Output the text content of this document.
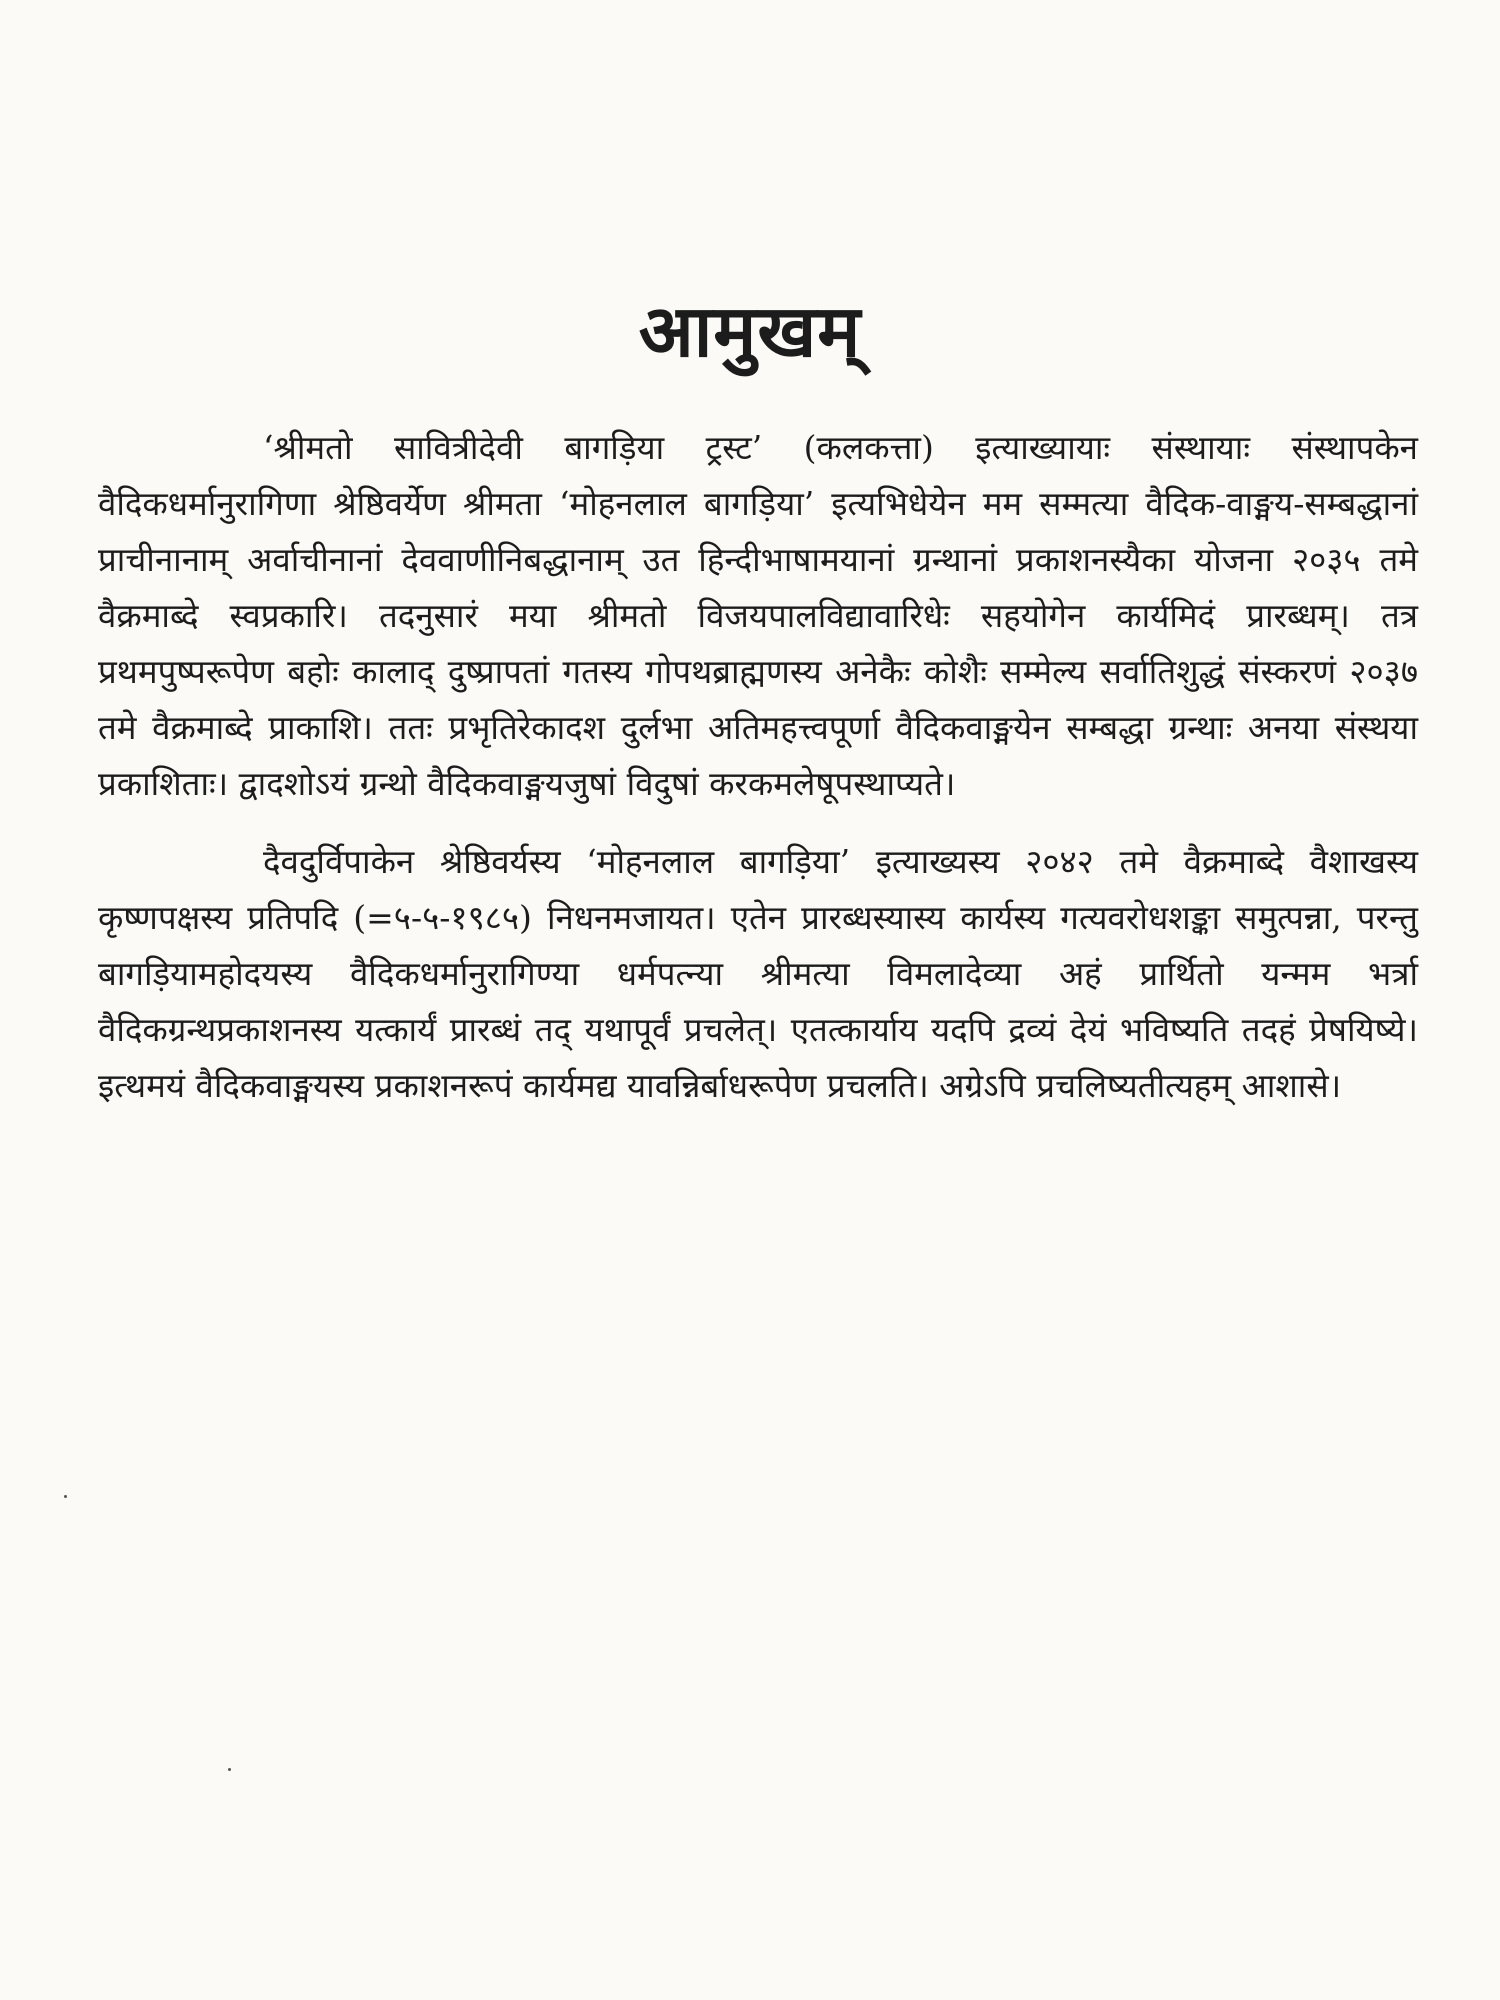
आमुखम्

‘श्रीमतो सावित्रीदेवी बागड़िया ट्रस्ट’ (कलकत्ता) इत्याख्यायाः संस्थायाः संस्थापकेन वैदिकधर्मानुरागिणा श्रेष्ठिवर्येण श्रीमता ‘मोहनलाल बागड़िया’ इत्यभिधेयेन मम सम्मत्या वैदिक-वाङ्मय-सम्बद्धानां प्राचीनानाम् अर्वाचीनानां देववाणीनिबद्धानाम् उत हिन्दीभाषामयानां ग्रन्थानां प्रकाशनस्यैका योजना २०३५ तमे वैक्रमाब्दे स्वप्रकारि। तदनुसारं मया श्रीमतो विजयपालविद्यावारिधेः सहयोगेन कार्यमिदं प्रारब्धम्। तत्र प्रथमपुष्परूपेण बहोः कालाद् दुष्प्रापतां गतस्य गोपथब्राह्मणस्य अनेकैः कोशैः सम्मेल्य सर्वातिशुद्धं संस्करणं २०३७ तमे वैक्रमाब्दे प्राकाशि। ततः प्रभृतिरेकादश दुर्लभा अतिमहत्त्वपूर्णा वैदिकवाङ्मयेन सम्बद्धा ग्रन्थाः अनया संस्थया प्रकाशिताः। द्वादशोऽयं ग्रन्थो वैदिकवाङ्मयजुषां विदुषां करकमलेषूपस्थाप्यते।

दैवदुर्विपाकेन श्रेष्ठिवर्यस्य ‘मोहनलाल बागड़िया’ इत्याख्यस्य २०४२ तमे वैक्रमाब्दे वैशाखस्य कृष्णपक्षस्य प्रतिपदि (=५-५-१९८५) निधनमजायत। एतेन प्रारब्धस्यास्य कार्यस्य गत्यवरोधशङ्का समुत्पन्ना, परन्तु बागड़ियामहोदयस्य वैदिकधर्मानुरागिण्या धर्मपत्न्या श्रीमत्या विमलादेव्या अहं प्रार्थितो यन्मम भर्त्रा वैदिकग्रन्थप्रकाशनस्य यत्कार्यं प्रारब्धं तद् यथापूर्वं प्रचलेत्। एतत्कार्याय यदपि द्रव्यं देयं भविष्यति तदहं प्रेषयिष्ये। इत्थमयं वैदिकवाङ्मयस्य प्रकाशनरूपं कार्यमद्य यावन्निर्बाधरूपेण प्रचलति। अग्रेऽपि प्रचलिष्यतीत्यहम् आशासे।
